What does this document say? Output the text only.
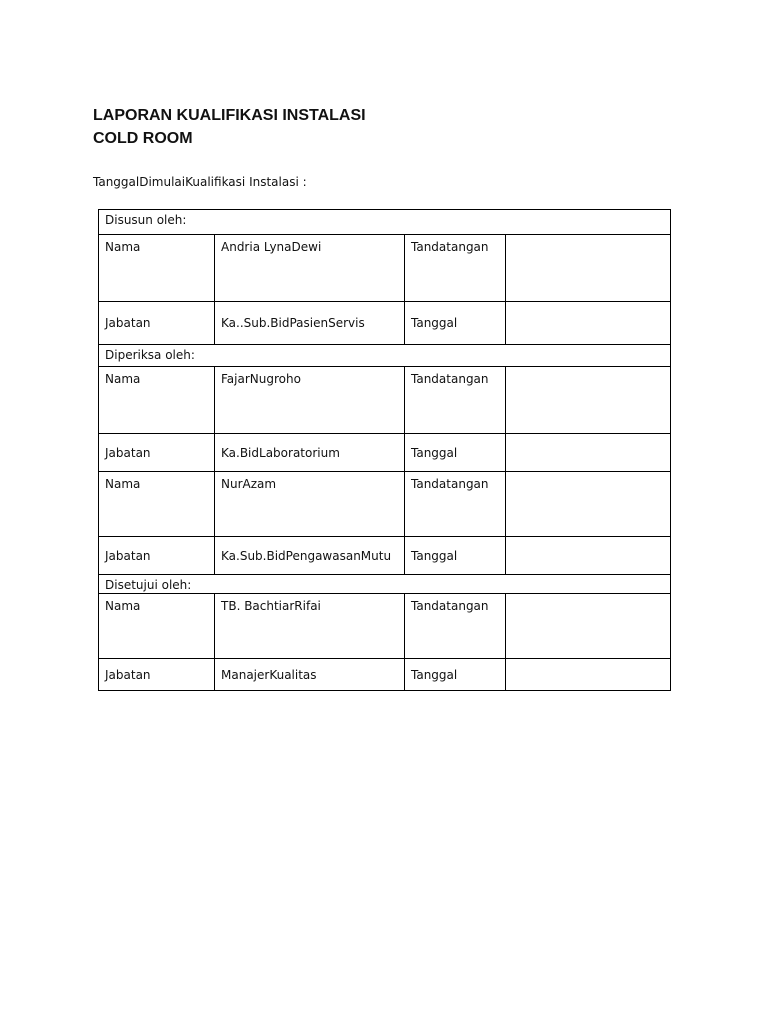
LAPORAN KUALIFIKASI INSTALASI
COLD ROOM
TanggalDimulaiKualifikasi Instalasi :
Disusun oleh:			
Nama	Andria LynaDewi	Tandatangan	
Jabatan	Ka..Sub.BidPasienServis	Tanggal	
Diperiksa oleh:			
Nama	FajarNugroho	Tandatangan	
Jabatan	Ka.BidLaboratorium	Tanggal	
Nama	NurAzam	Tandatangan	
Jabatan	Ka.Sub.BidPengawasanMutu	Tanggal	
Disetujui oleh:			
Nama	TB. BachtiarRifai	Tandatangan	
Jabatan	ManajerKualitas	Tanggal	
